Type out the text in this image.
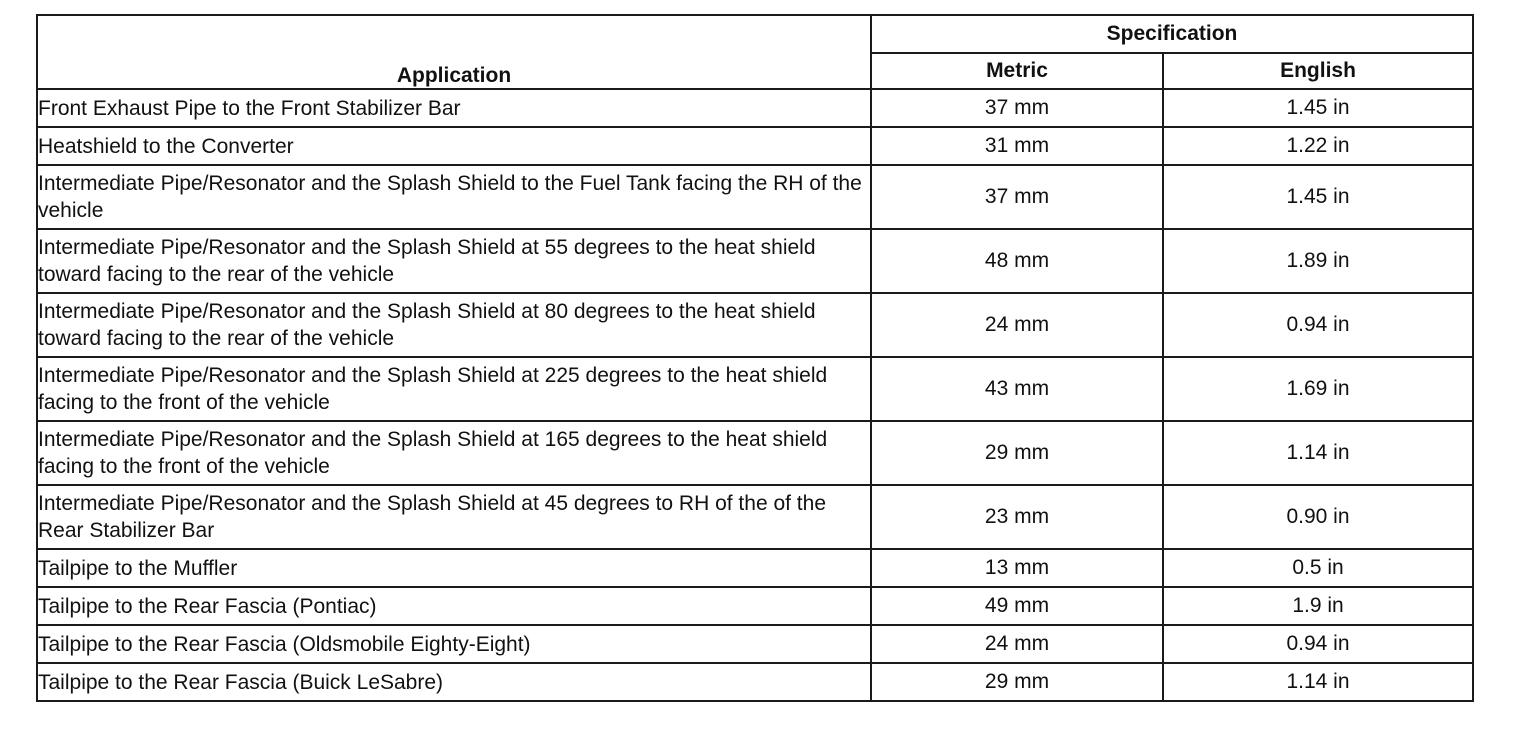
Application	Specification	
	Metric	English
Front Exhaust Pipe to the Front Stabilizer Bar	37 mm	1.45 in
Heatshield to the Converter	31 mm	1.22 in
Intermediate Pipe/Resonator and the Splash Shield to the Fuel Tank facing the RH of the vehicle	37 mm	1.45 in
Intermediate Pipe/Resonator and the Splash Shield at 55 degrees to the heat shield toward facing to the rear of the vehicle	48 mm	1.89 in
Intermediate Pipe/Resonator and the Splash Shield at 80 degrees to the heat shield toward facing to the rear of the vehicle	24 mm	0.94 in
Intermediate Pipe/Resonator and the Splash Shield at 225 degrees to the heat shield facing to the front of the vehicle	43 mm	1.69 in
Intermediate Pipe/Resonator and the Splash Shield at 165 degrees to the heat shield facing to the front of the vehicle	29 mm	1.14 in
Intermediate Pipe/Resonator and the Splash Shield at 45 degrees to RH of the of the Rear Stabilizer Bar	23 mm	0.90 in
Tailpipe to the Muffler	13 mm	0.5 in
Tailpipe to the Rear Fascia (Pontiac)	49 mm	1.9 in
Tailpipe to the Rear Fascia (Oldsmobile Eighty-Eight)	24 mm	0.94 in
Tailpipe to the Rear Fascia (Buick LeSabre)	29 mm	1.14 in
